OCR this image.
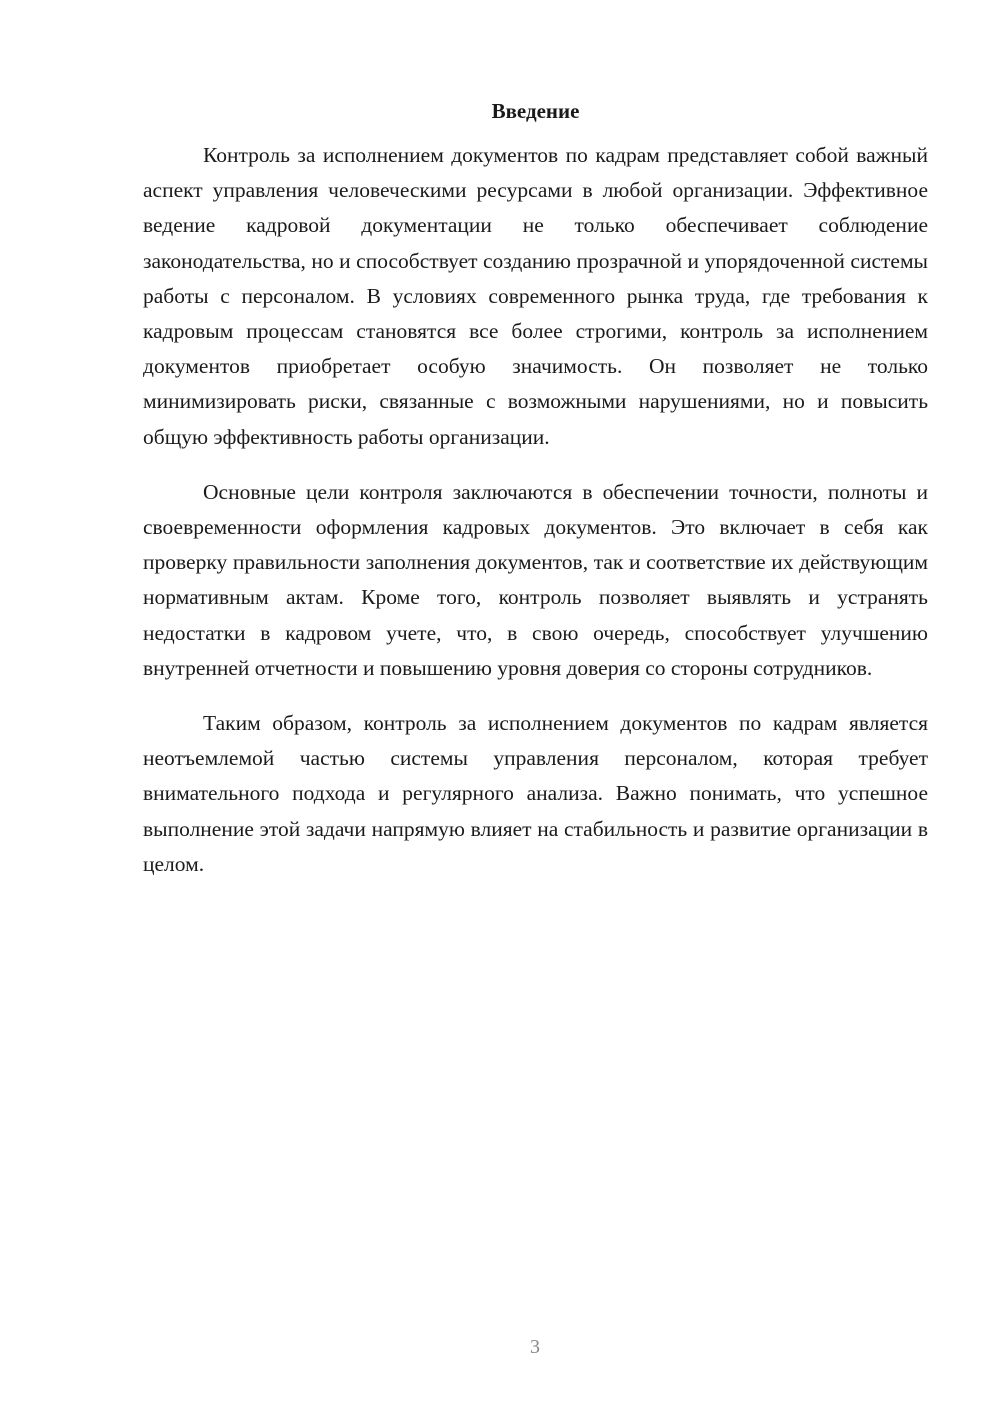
Введение

Контроль за исполнением документов по кадрам представляет собой важный аспект управления человеческими ресурсами в любой организации. Эффективное ведение кадровой документации не только обеспечивает соблюдение законодательства, но и способствует созданию прозрачной и упорядоченной системы работы с персоналом. В условиях современного рынка труда, где требования к кадровым процессам становятся все более строгими, контроль за исполнением документов приобретает особую значимость. Он позволяет не только минимизировать риски, связанные с возможными нарушениями, но и повысить общую эффективность работы организации.

Основные цели контроля заключаются в обеспечении точности, полноты и своевременности оформления кадровых документов. Это включает в себя как проверку правильности заполнения документов, так и соответствие их действующим нормативным актам. Кроме того, контроль позволяет выявлять и устранять недостатки в кадровом учете, что, в свою очередь, способствует улучшению внутренней отчетности и повышению уровня доверия со стороны сотрудников.

Таким образом, контроль за исполнением документов по кадрам является неотъемлемой частью системы управления персоналом, которая требует внимательного подхода и регулярного анализа. Важно понимать, что успешное выполнение этой задачи напрямую влияет на стабильность и развитие организации в целом.

3
